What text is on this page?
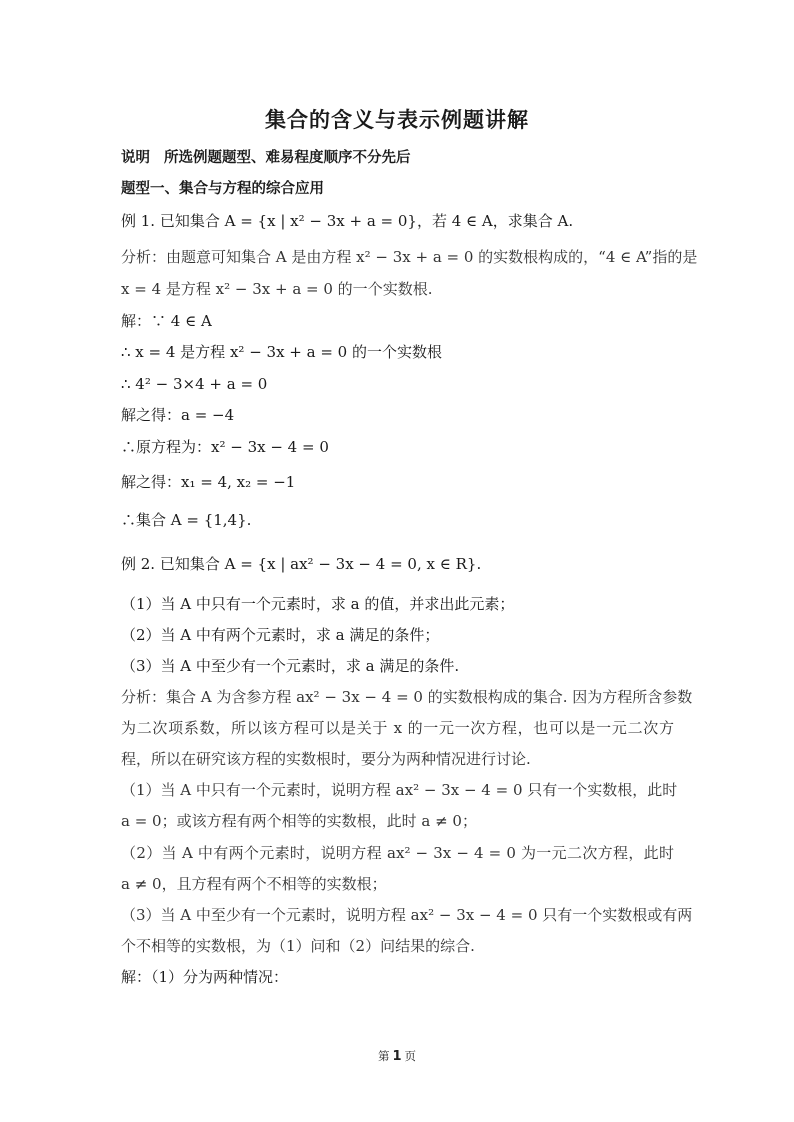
集合的含义与表示例题讲解
说明 所选例题题型、难易程度顺序不分先后
题型一、集合与方程的综合应用
例 1. 已知集合 A = {x | x² − 3x + a = 0}，若 4 ∈ A，求集合 A.
分析：由题意可知集合 A 是由方程 x² − 3x + a = 0 的实数根构成的，“4 ∈ A”指的是
x = 4 是方程 x² − 3x + a = 0 的一个实数根.
解：∵ 4 ∈ A
∴ x = 4 是方程 x² − 3x + a = 0 的一个实数根
∴ 4² − 3×4 + a = 0
解之得：a = −4
∴原方程为：x² − 3x − 4 = 0
解之得：x₁ = 4, x₂ = −1
∴集合 A = {1,4}.
例 2. 已知集合 A = {x | ax² − 3x − 4 = 0, x ∈ R}.
（1）当 A 中只有一个元素时，求 a 的值，并求出此元素；
（2）当 A 中有两个元素时，求 a 满足的条件；
（3）当 A 中至少有一个元素时，求 a 满足的条件.
分析：集合 A 为含参方程 ax² − 3x − 4 = 0 的实数根构成的集合. 因为方程所含参数
为二次项系数，所以该方程可以是关于 x 的一元一次方程，也可以是一元二次方
程，所以在研究该方程的实数根时，要分为两种情况进行讨论.
（1）当 A 中只有一个元素时，说明方程 ax² − 3x − 4 = 0 只有一个实数根，此时
a = 0；或该方程有两个相等的实数根，此时 a ≠ 0；
（2）当 A 中有两个元素时，说明方程 ax² − 3x − 4 = 0 为一元二次方程，此时
a ≠ 0，且方程有两个不相等的实数根；
（3）当 A 中至少有一个元素时，说明方程 ax² − 3x − 4 = 0 只有一个实数根或有两
个不相等的实数根，为（1）问和（2）问结果的综合.
解：（1）分为两种情况：
第 1 页
